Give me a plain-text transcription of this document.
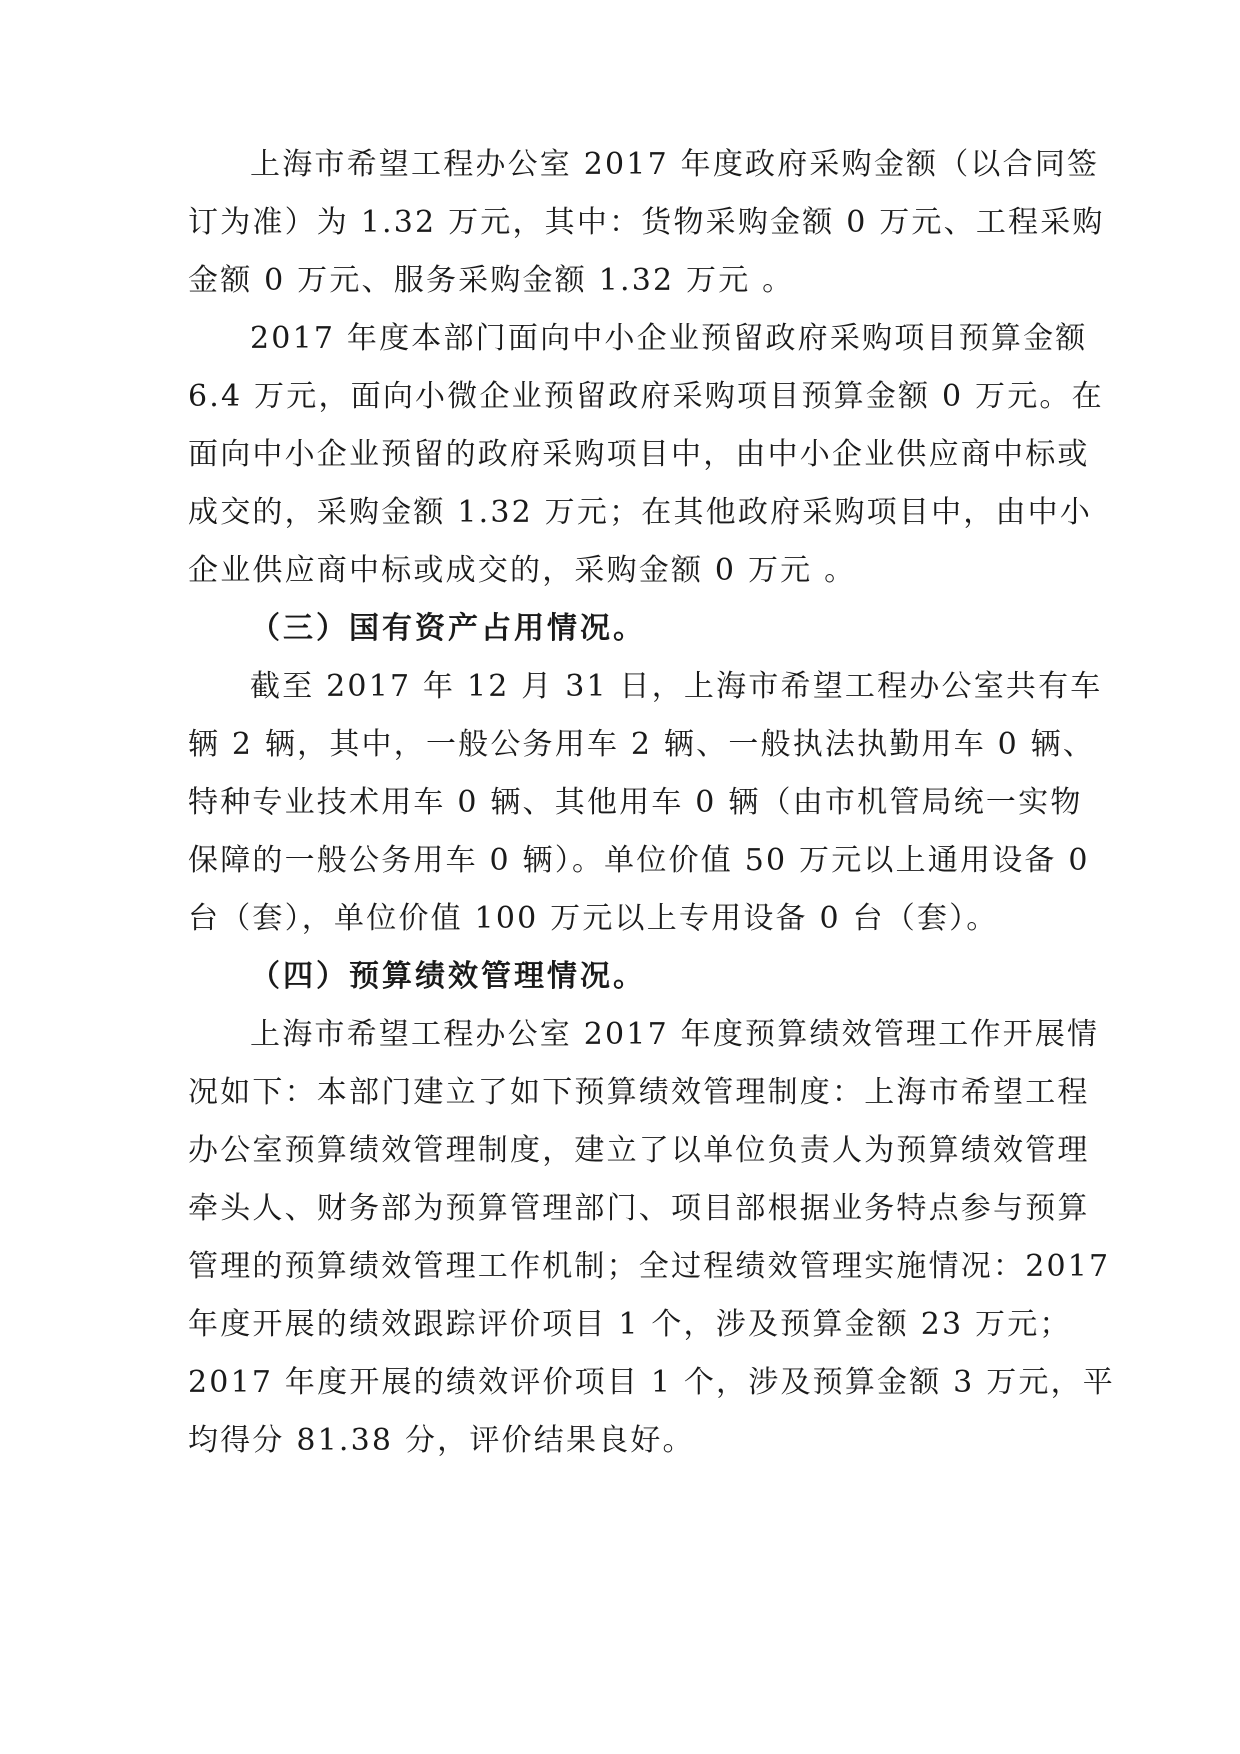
上海市希望工程办公室 2017 年度政府采购金额（以合同签
订为准）为 1.32 万元，其中：货物采购金额 0 万元、工程采购
金额 0 万元、服务采购金额 1.32 万元 。
2017 年度本部门面向中小企业预留政府采购项目预算金额
6.4 万元，面向小微企业预留政府采购项目预算金额 0 万元。在
面向中小企业预留的政府采购项目中，由中小企业供应商中标或
成交的，采购金额 1.32 万元；在其他政府采购项目中，由中小
企业供应商中标或成交的，采购金额 0 万元 。
（三）国有资产占用情况。
截至 2017 年 12 月 31 日，上海市希望工程办公室共有车
辆 2 辆，其中，一般公务用车 2 辆、一般执法执勤用车 0 辆、
特种专业技术用车 0 辆、其他用车 0 辆（由市机管局统一实物
保障的一般公务用车 0 辆）。单位价值 50 万元以上通用设备 0
台（套），单位价值 100 万元以上专用设备 0 台（套）。
（四）预算绩效管理情况。
上海市希望工程办公室 2017 年度预算绩效管理工作开展情
况如下：本部门建立了如下预算绩效管理制度：上海市希望工程
办公室预算绩效管理制度，建立了以单位负责人为预算绩效管理
牵头人、财务部为预算管理部门、项目部根据业务特点参与预算
管理的预算绩效管理工作机制；全过程绩效管理实施情况：2017
年度开展的绩效跟踪评价项目 1 个，涉及预算金额 23 万元；
2017 年度开展的绩效评价项目 1 个，涉及预算金额 3 万元，平
均得分 81.38 分，评价结果良好。
